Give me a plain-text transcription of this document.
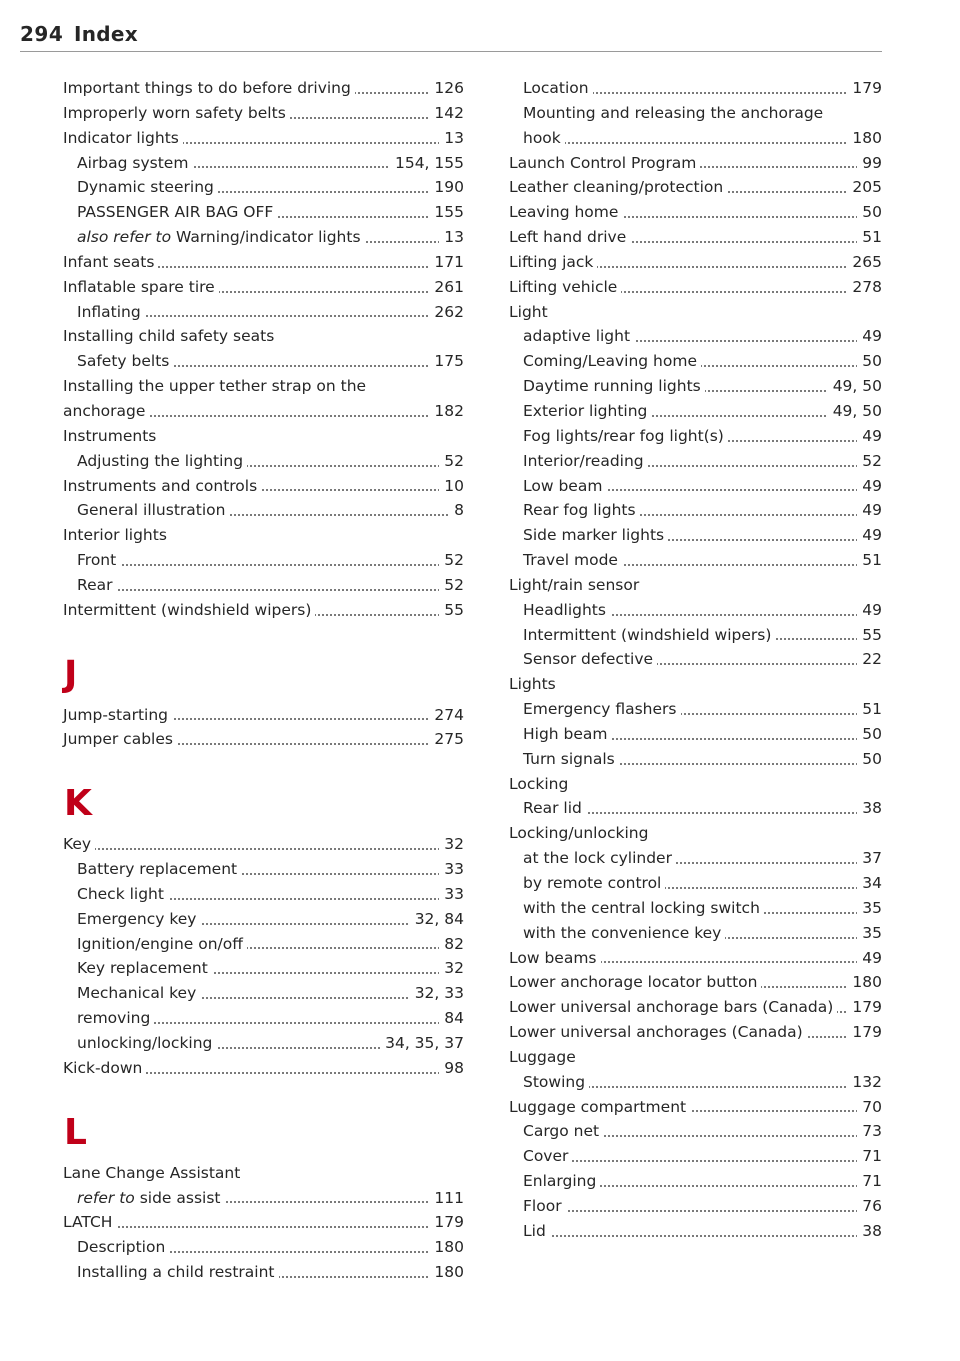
294 Index
Important things to do before driving	126
Improperly worn safety belts	142
Indicator lights	13
Airbag system	154, 155
Dynamic steering	190
PASSENGER AIR BAG OFF	155
also refer to Warning/indicator lights	13
Infant seats	171
Inflatable spare tire	261
Inflating	262
Installing child safety seats
Safety belts	175
Installing the upper tether strap on the
anchorage	182
Instruments
Adjusting the lighting	52
Instruments and controls	10
General illustration	8
Interior lights
Front	52
Rear	52
Intermittent (windshield wipers)	55
J
Jump-starting	274
Jumper cables	275
K
Key	32
Battery replacement	33
Check light	33
Emergency key	32, 84
Ignition/engine on/off	82
Key replacement	32
Mechanical key	32, 33
removing	84
unlocking/locking	34, 35, 37
Kick-down	98
L
Lane Change Assistant
refer to side assist	111
LATCH	179
Description	180
Installing a child restraint	180
Location	179
Mounting and releasing the anchorage
hook	180
Launch Control Program	99
Leather cleaning/protection	205
Leaving home	50
Left hand drive	51
Lifting jack	265
Lifting vehicle	278
Light
adaptive light	49
Coming/Leaving home	50
Daytime running lights	49, 50
Exterior lighting	49, 50
Fog lights/rear fog light(s)	49
Interior/reading	52
Low beam	49
Rear fog lights	49
Side marker lights	49
Travel mode	51
Light/rain sensor
Headlights	49
Intermittent (windshield wipers)	55
Sensor defective	22
Lights
Emergency flashers	51
High beam	50
Turn signals	50
Locking
Rear lid	38
Locking/unlocking
at the lock cylinder	37
by remote control	34
with the central locking switch	35
with the convenience key	35
Low beams	49
Lower anchorage locator button	180
Lower universal anchorage bars (Canada)	179
Lower universal anchorages (Canada)	179
Luggage
Stowing	132
Luggage compartment	70
Cargo net	73
Cover	71
Enlarging	71
Floor	76
Lid	38
